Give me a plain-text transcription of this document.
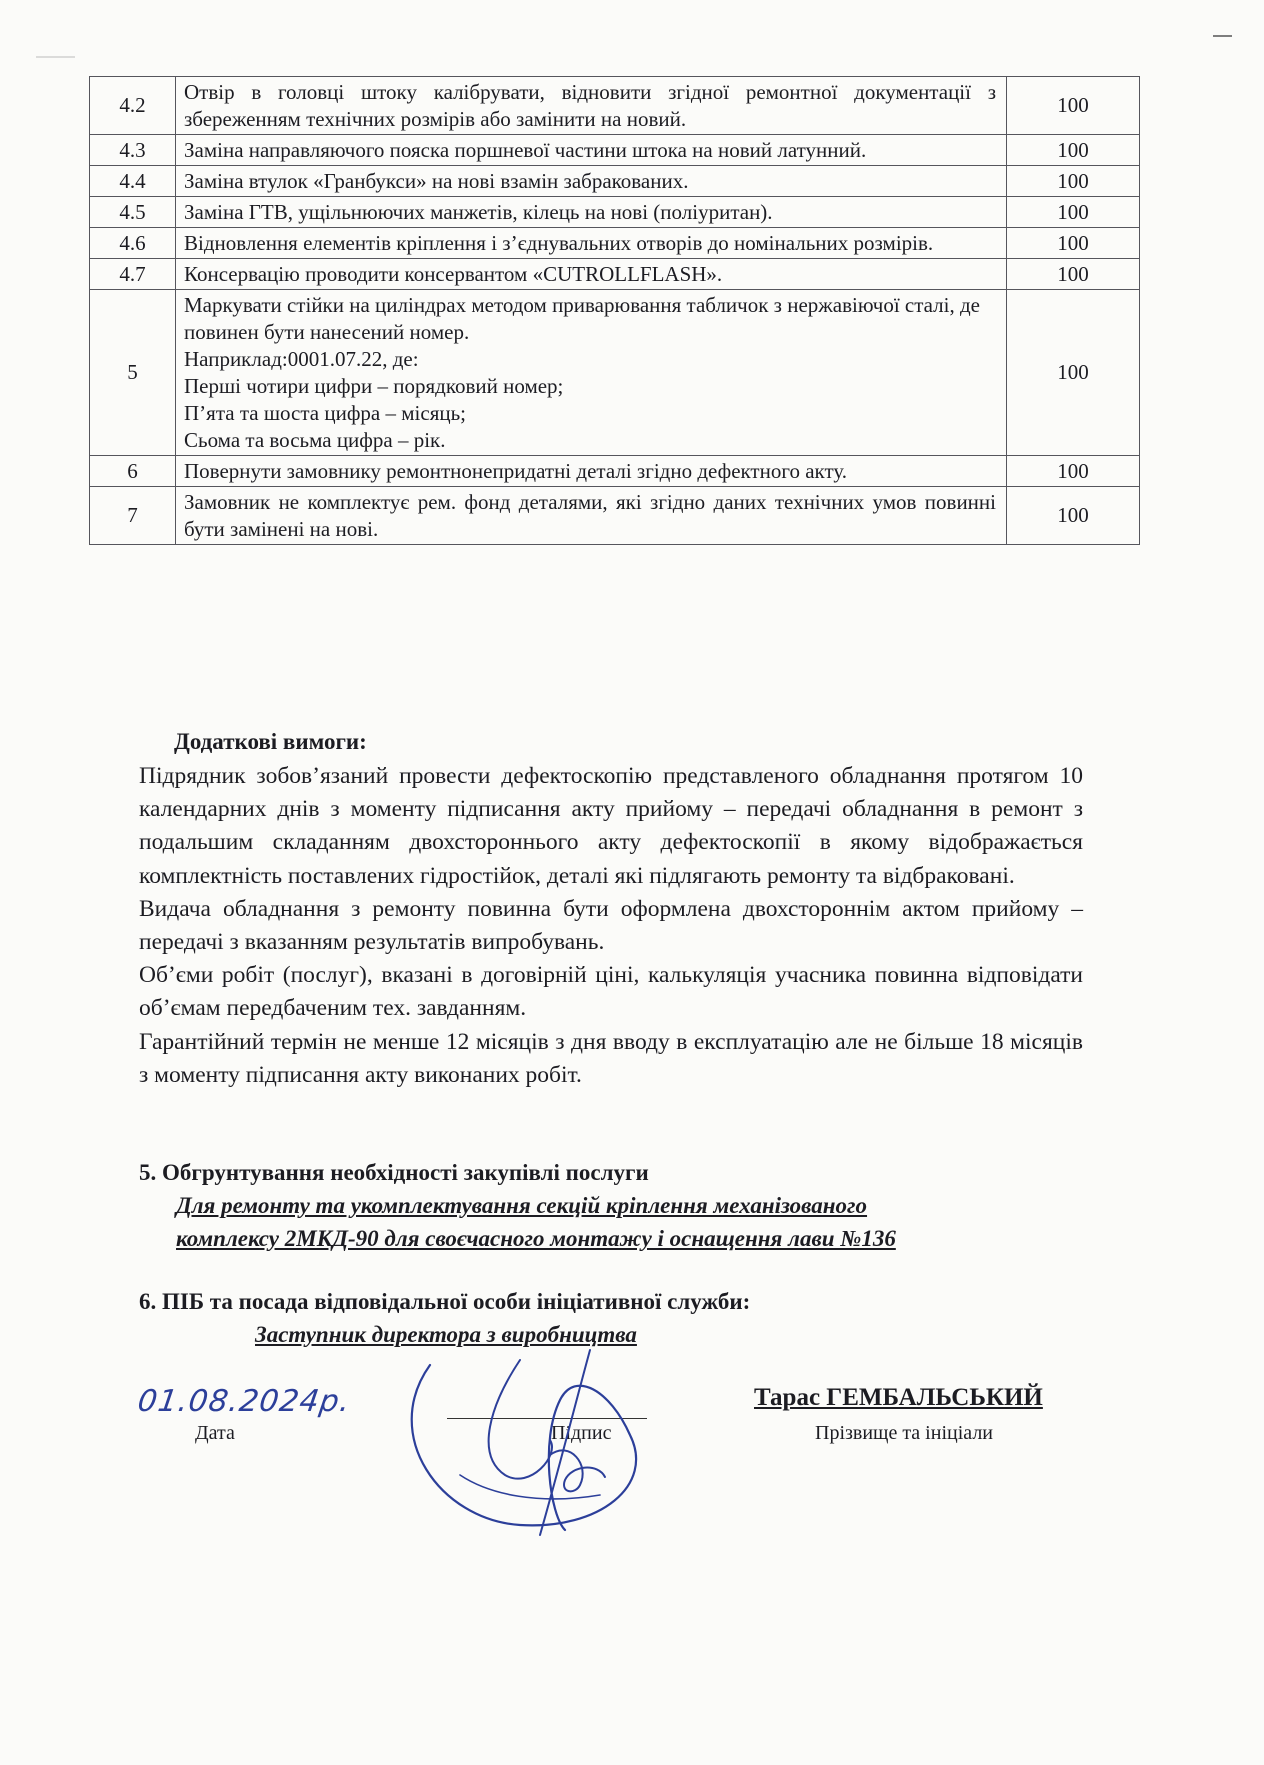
4.2	Отвір в головці штоку калібрувати, відновити згідної ремонтної документації з збереженням технічних розмірів або замінити на новий.	100
4.3	Заміна направляючого пояска поршневої частини штока на новий латунний.	100
4.4	Заміна втулок «Гранбукси» на нові взамін забракованих.	100
4.5	Заміна ГТВ, ущільнюючих манжетів, кілець на нові (поліуритан).	100
4.6	Відновлення елементів кріплення і з’єднувальних отворів до номінальних розмірів.	100
4.7	Консервацію проводити консервантом «CUTROLLFLASH».	100
5	Маркувати стійки на циліндрах методом приварювання табличок з нержавіючої сталі, де повинен бути нанесений номер.
Наприклад:0001.07.22, де:
Перші чотири цифри – порядковий номер;
П’ята та шоста цифра – місяць;
Сьома та восьма цифра – рік.	100
6	Повернути замовнику ремонтнонепридатні деталі згідно дефектного акту.	100
7	Замовник не комплектує рем. фонд деталями, які згідно даних технічних умов повинні бути замінені на нові.	100
Додаткові вимоги:

Підрядник зобов’язаний провести дефектоскопію представленого обладнання протягом 10 календарних днів з моменту підписання акту прийому – передачі обладнання в ремонт з подальшим складанням двохстороннього акту дефектоскопії в якому відображається комплектність поставлених гідростійок, деталі які підлягають ремонту та відбраковані.

Видача обладнання з ремонту повинна бути оформлена двохстороннім актом прийому – передачі з вказанням результатів випробувань.

Об’єми робіт (послуг), вказані в договірній ціні, калькуляція учасника повинна відповідати об’ємам передбаченим тех. завданням.

Гарантійний термін не менше 12 місяців з дня вводу в експлуатацію але не більше 18 місяців з моменту підписання акту виконаних робіт.

5. Обгрунтування необхідності закупівлі послуги
Для ремонту та укомплектування секцій кріплення механізованого
комплексу 2МКД-90 для своєчасного монтажу і оснащення лави №136
6. ПІБ та посада відповідальної особи ініціативної служби:
Заступник директора з виробництва
01.08.2024р.
Дата	Підпис
Тарас ГЕМБАЛЬСЬКИЙ
Прізвище та ініціали
